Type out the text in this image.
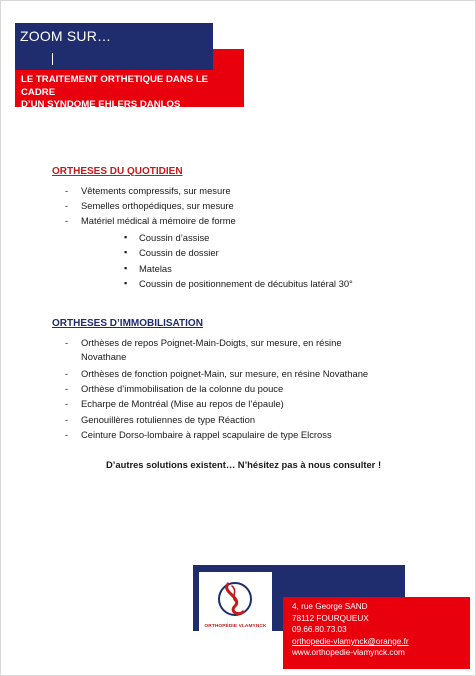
ZOOM SUR…
LE TRAITEMENT ORTHETIQUE DANS LE CADRE
D’UN SYNDOME EHLERS DANLOS
ORTHESES DU QUOTIDIEN
- Vêtements compressifs, sur mesure
- Semelles orthopédiques, sur mesure
- Matériel médical à mémoire de forme
▪ Coussin d’assise
▪ Coussin de dossier
▪ Matelas
▪ Coussin de positionnement de décubitus latéral 30°
ORTHESES D’IMMOBILISATION
- Orthèses de repos Poignet-Main-Doigts, sur mesure, en résine
Novathane
- Orthèses de fonction poignet-Main, sur mesure, en résine Novathane
- Orthèse d’immobilisation de la colonne du pouce
- Echarpe de Montréal (Mise au repos de l’épaule)
- Genouillères rotuliennes de type Réaction
- Ceinture Dorso-lombaire à rappel scapulaire de type Elcross
D’autres solutions existent… N’hésitez pas à nous consulter !
ORTHOPÉDIE VLAMYNCK
4, rue George SAND
78112 FOURQUEUX
09.66.80.73.03
orthopedie-vlamynck@orange.fr
www.orthopedie-vlamynck.com
